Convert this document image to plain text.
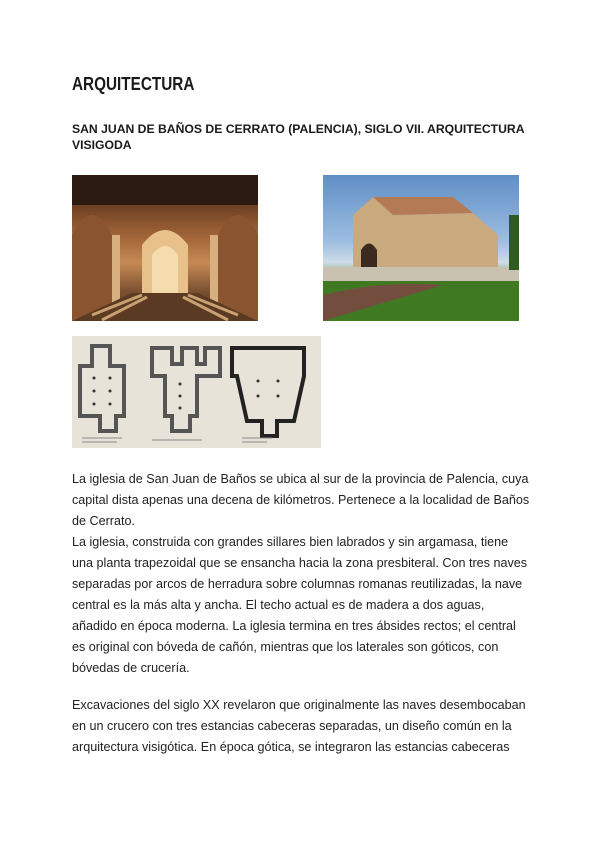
ARQUITECTURA
SAN JUAN DE BAÑOS DE CERRATO (PALENCIA), SIGLO VII. ARQUITECTURA VISIGODA

La iglesia de San Juan de Baños se ubica al sur de la provincia de Palencia, cuya capital dista apenas una decena de kilómetros. Pertenece a la localidad de Baños de Cerrato.

La iglesia, construida con grandes sillares bien labrados y sin argamasa, tiene una planta trapezoidal que se ensancha hacia la zona presbiteral. Con tres naves separadas por arcos de herradura sobre columnas romanas reutilizadas, la nave central es la más alta y ancha. El techo actual es de madera a dos aguas, añadido en época moderna. La iglesia termina en tres ábsides rectos; el central es original con bóveda de cañón, mientras que los laterales son góticos, con bóvedas de crucería.

Excavaciones del siglo XX revelaron que originalmente las naves desembocaban en un crucero con tres estancias cabeceras separadas, un diseño común en la arquitectura visigótica. En época gótica, se integraron las estancias cabeceras
